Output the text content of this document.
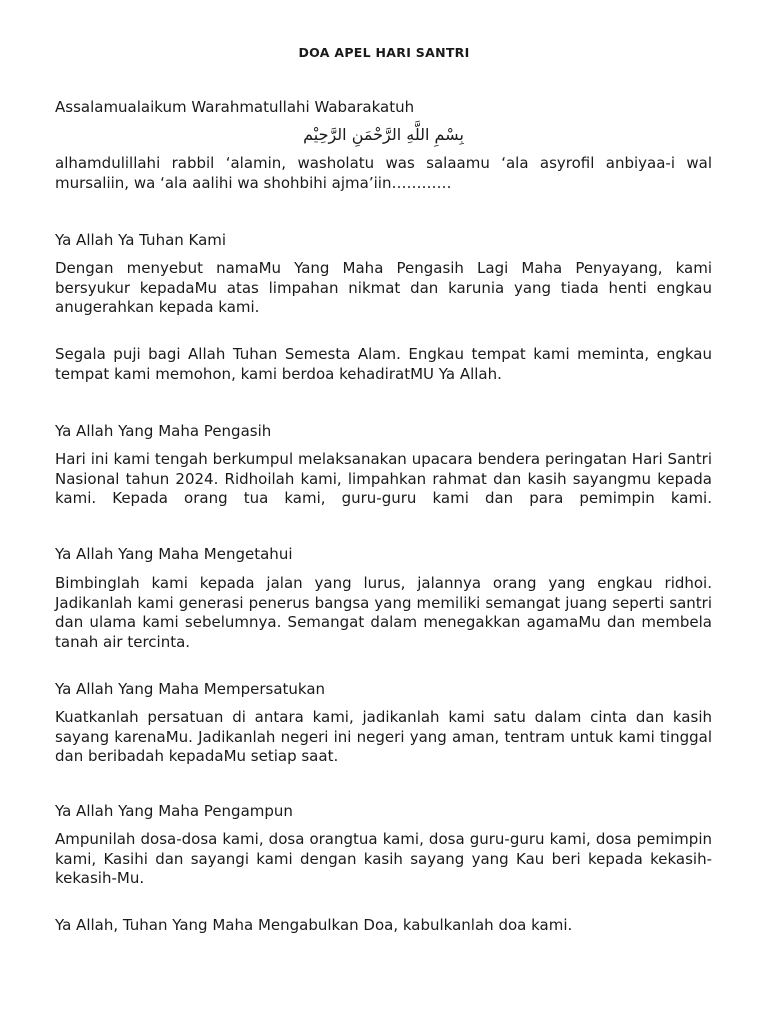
DOA APEL HARI SANTRI
Assalamualaikum Warahmatullahi Wabarakatuh
بِسْمِ اللَّهِ الرَّحْمَنِ الرَّحِيْم
alhamdulillahi rabbil ‘alamin, washolatu was salaamu ‘ala asyrofil anbiyaa-i wal mursaliin, wa ‘ala aalihi wa shohbihi ajma’iin…………
Ya Allah Ya Tuhan Kami
Dengan menyebut namaMu Yang Maha Pengasih Lagi Maha Penyayang, kami bersyukur kepadaMu atas limpahan nikmat dan karunia yang tiada henti engkau anugerahkan kepada kami.
Segala puji bagi Allah Tuhan Semesta Alam. Engkau tempat kami meminta, engkau tempat kami memohon, kami berdoa kehadiratMU Ya Allah.
Ya Allah Yang Maha Pengasih
Hari ini kami tengah berkumpul melaksanakan upacara bendera peringatan Hari Santri Nasional tahun 2024. Ridhoilah kami, limpahkan rahmat dan kasih sayangmu kepada kami. Kepada orang tua kami, guru-guru kami dan para pemimpin kami.
Ya Allah Yang Maha Mengetahui
Bimbinglah kami kepada jalan yang lurus, jalannya orang yang engkau ridhoi. Jadikanlah kami generasi penerus bangsa yang memiliki semangat juang seperti santri dan ulama kami sebelumnya. Semangat dalam menegakkan agamaMu dan membela tanah air tercinta.
Ya Allah Yang Maha Mempersatukan
Kuatkanlah persatuan di antara kami, jadikanlah kami satu dalam cinta dan kasih sayang karenaMu. Jadikanlah negeri ini negeri yang aman, tentram untuk kami tinggal dan beribadah kepadaMu setiap saat.
Ya Allah Yang Maha Pengampun
Ampunilah dosa-dosa kami, dosa orangtua kami, dosa guru-guru kami, dosa pemimpin kami, Kasihi dan sayangi kami dengan kasih sayang yang Kau beri kepada kekasih-kekasih-Mu.
Ya Allah, Tuhan Yang Maha Mengabulkan Doa, kabulkanlah doa kami.
